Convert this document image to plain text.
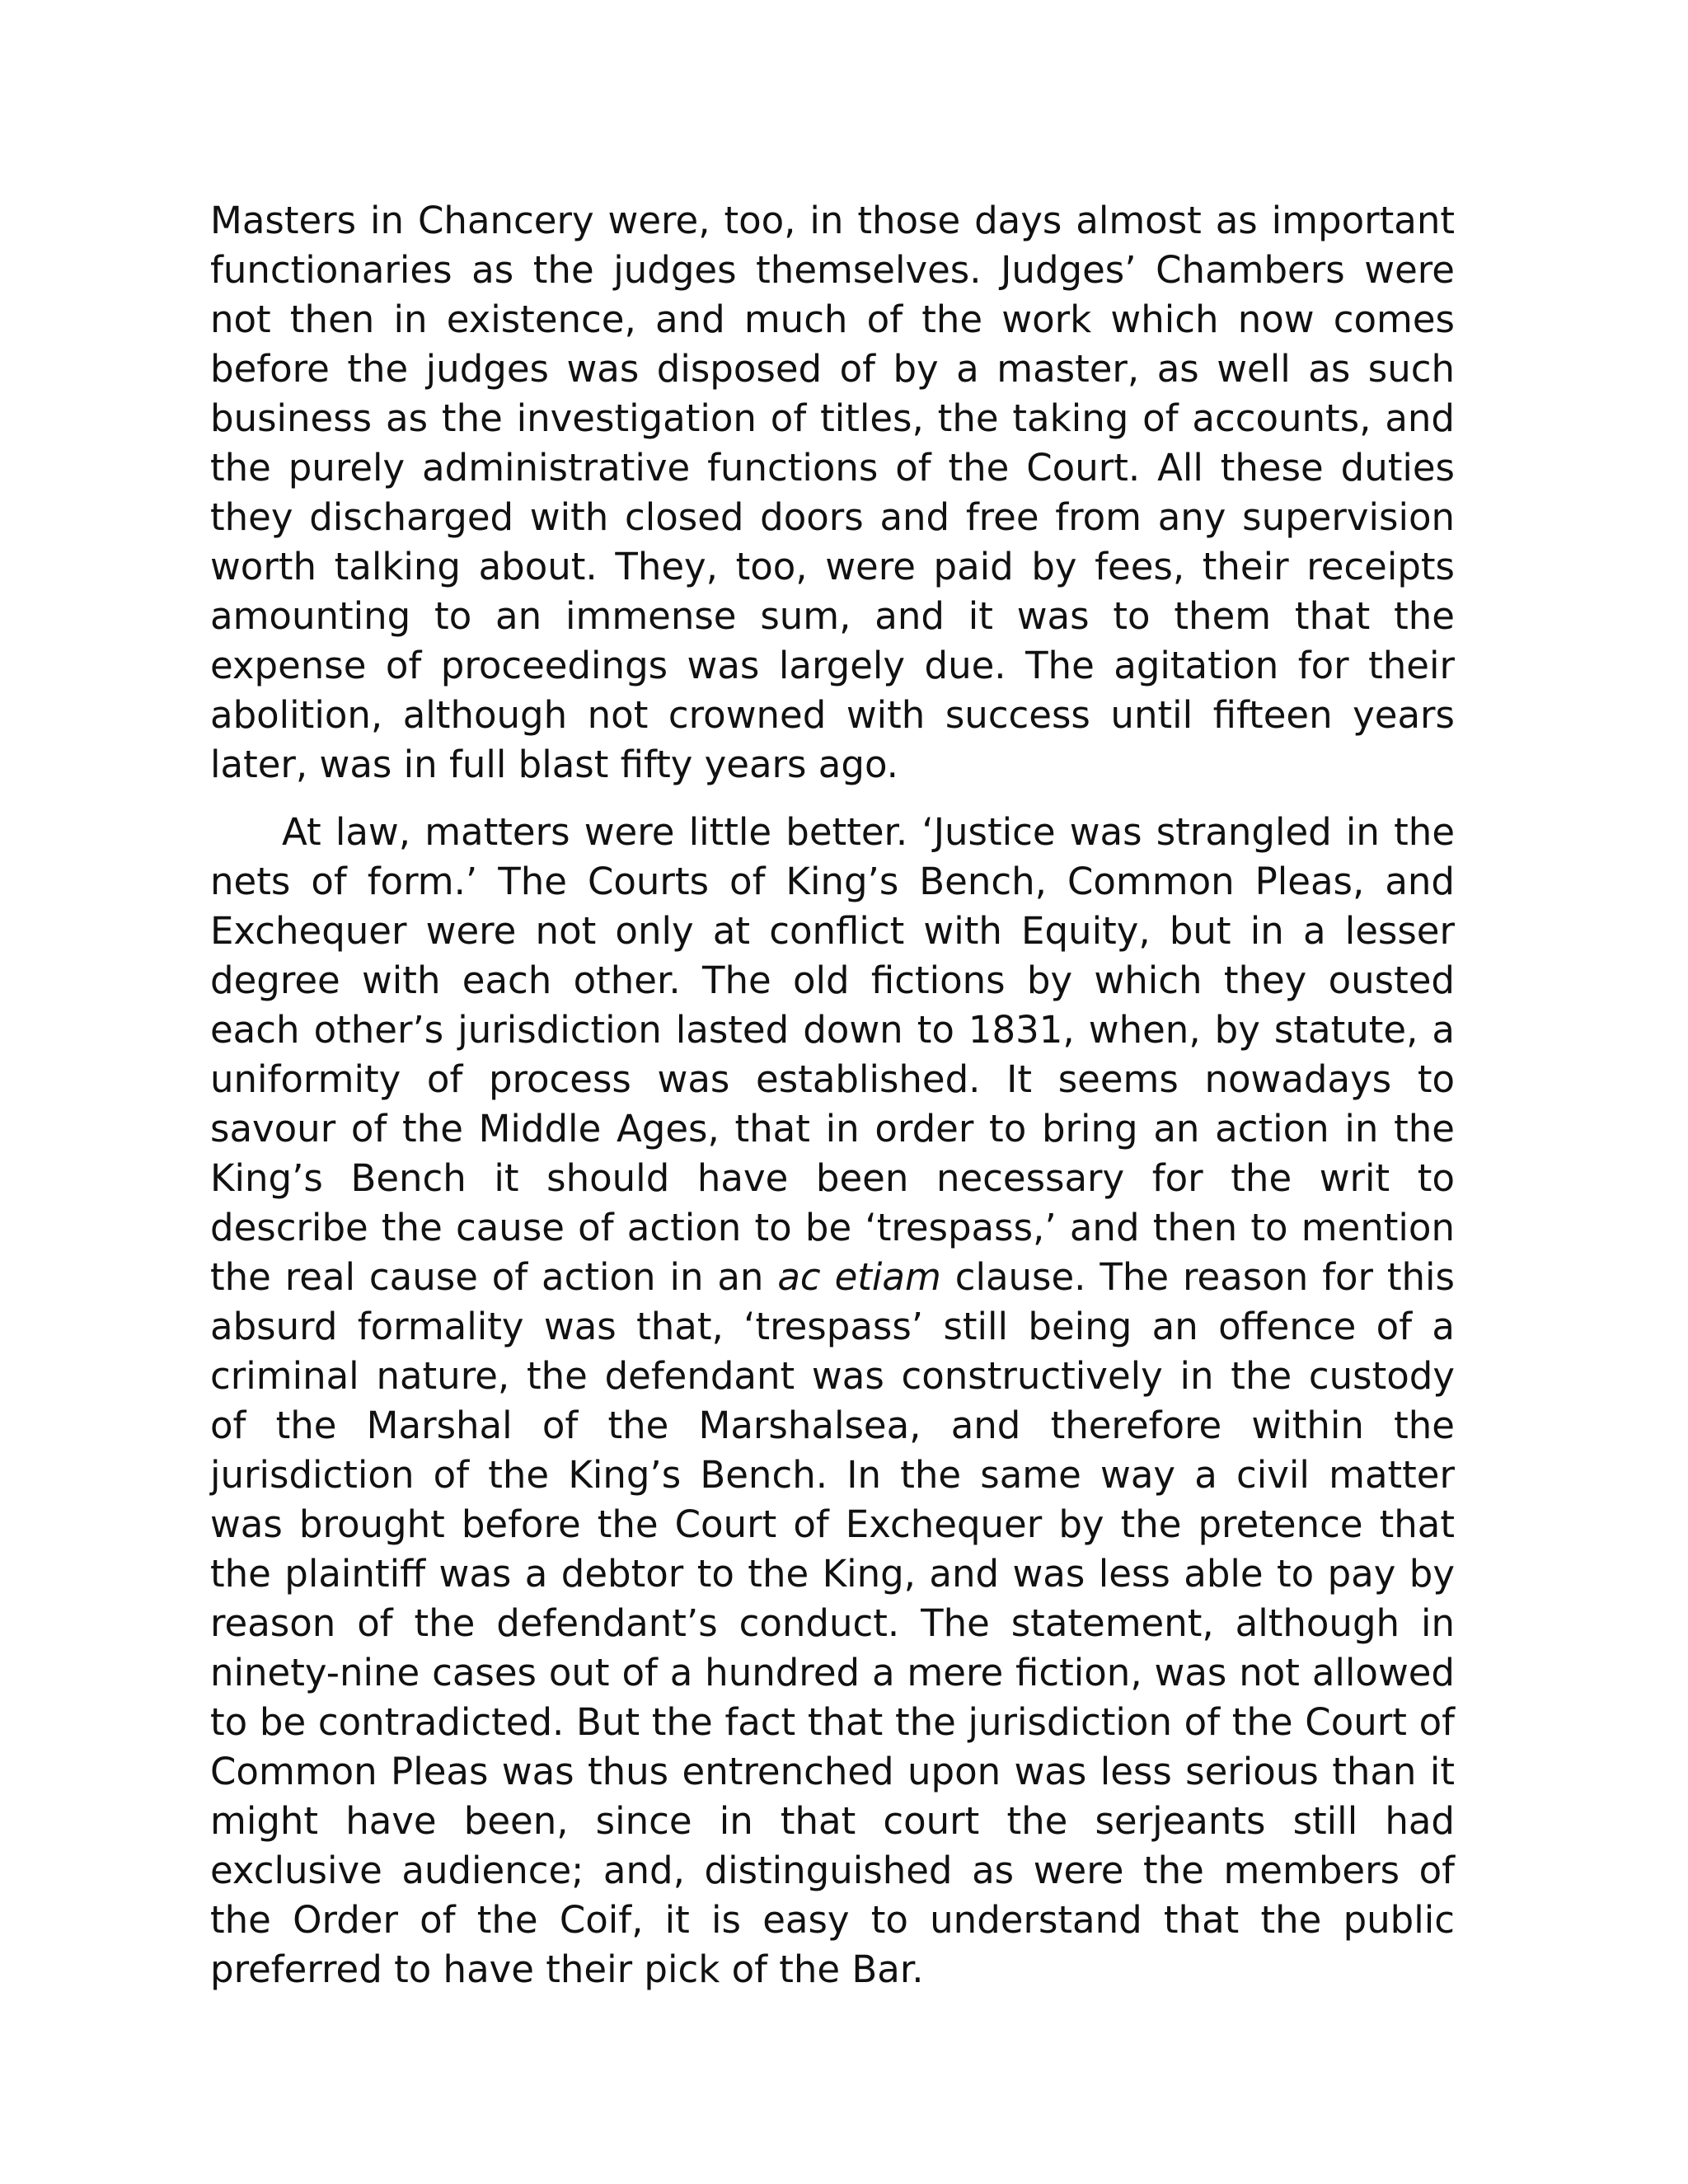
Masters in Chancery were, too, in those days almost as important functionaries as the judges themselves. Judges’ Chambers were not then in existence, and much of the work which now comes before the judges was disposed of by a master, as well as such business as the investigation of titles, the taking of accounts, and the purely administrative functions of the Court. All these duties they discharged with closed doors and free from any supervision worth talking about. They, too, were paid by fees, their receipts amounting to an immense sum, and it was to them that the expense of proceedings was largely due. The agitation for their abolition, although not crowned with success until fifteen years later, was in full blast fifty years ago.

At law, matters were little better. ‘Justice was strangled in the nets of form.’ The Courts of King’s Bench, Common Pleas, and Exchequer were not only at conflict with Equity, but in a lesser degree with each other. The old fictions by which they ousted each other’s jurisdiction lasted down to 1831, when, by statute, a uniformity of process was established. It seems nowadays to savour of the Middle Ages, that in order to bring an action in the King’s Bench it should have been necessary for the writ to describe the cause of action to be ‘trespass,’ and then to mention the real cause of action in an ac etiam clause. The reason for this absurd formality was that, ‘trespass’ still being an offence of a criminal nature, the defendant was constructively in the custody of the Marshal of the Marshalsea, and therefore within the jurisdiction of the King’s Bench. In the same way a civil matter was brought before the Court of Exchequer by the pretence that the plaintiff was a debtor to the King, and was less able to pay by reason of the defendant’s conduct. The statement, although in ninety-nine cases out of a hundred a mere fiction, was not allowed to be contradicted. But the fact that the jurisdiction of the Court of Common Pleas was thus entrenched upon was less serious than it might have been, since in that court the serjeants still had exclusive audience; and, distinguished as were the members of the Order of the Coif, it is easy to understand that the public preferred to have their pick of the Bar.
